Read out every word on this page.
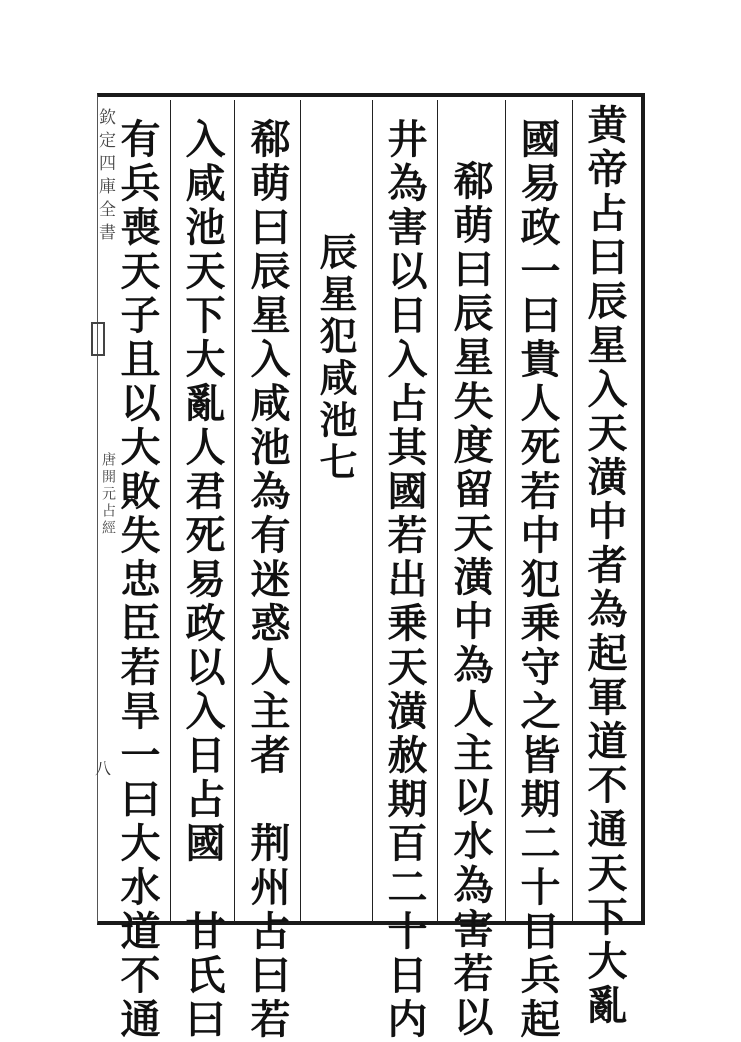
欽定四庫全書
唐開元占經
八	黄帝占曰辰星入天潢中者為起軍道不通天下大亂
國易政一曰貴人死若中犯乗守之皆期二十日兵起
郗萌曰辰星失度留天潢中為人主以水為害若以
井為害以日入占其國若出乗天潢赦期百二十日内
辰星犯咸池七
郗萌曰辰星入咸池為有迷惑人主者　荆州占曰若
入咸池天下大亂人君死易政以入日占國　甘氏曰
有兵喪天子且以大敗失忠臣若旱一曰大水道不通
